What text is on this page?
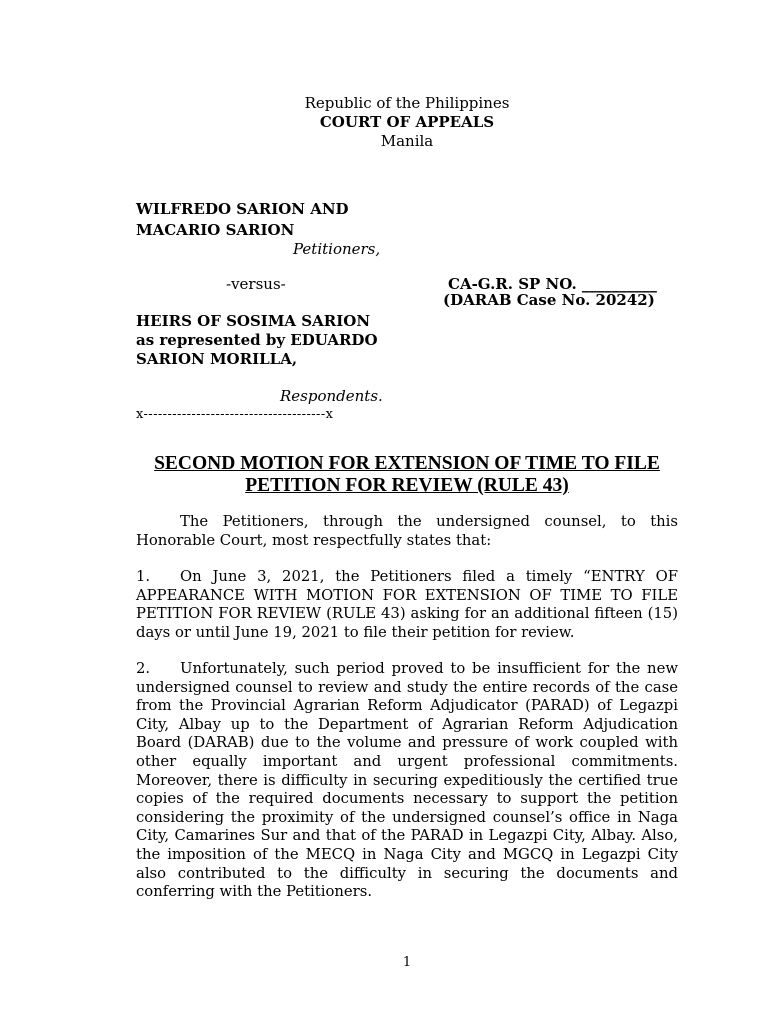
Republic of the Philippines
COURT OF APPEALS
Manila
WILFREDO SARION AND
MACARIO SARION
Petitioners,
-versus-	CA-G.R. SP NO. __________
(DARAB Case No. 20242)
HEIRS OF SOSIMA SARION
as represented by EDUARDO
SARION MORILLA,
Respondents.
x--------------------------------------x
SECOND MOTION FOR EXTENSION OF TIME TO FILE
PETITION FOR REVIEW (RULE 43)
The Petitioners, through the undersigned counsel, to this Honorable Court, most respectfully states that:
1. On June 3, 2021, the Petitioners filed a timely “ENTRY OF APPEARANCE WITH MOTION FOR EXTENSION OF TIME TO FILE PETITION FOR REVIEW (RULE 43) asking for an additional fifteen (15) days or until June 19, 2021 to file their petition for review.
2. Unfortunately, such period proved to be insufficient for the new undersigned counsel to review and study the entire records of the case from the Provincial Agrarian Reform Adjudicator (PARAD) of Legazpi City, Albay up to the Department of Agrarian Reform Adjudication Board (DARAB) due to the volume and pressure of work coupled with other equally important and urgent professional commitments. Moreover, there is difficulty in securing expeditiously the certified true copies of the required documents necessary to support the petition considering the proximity of the undersigned counsel’s office in Naga City, Camarines Sur and that of the PARAD in Legazpi City, Albay. Also, the imposition of the MECQ in Naga City and MGCQ in Legazpi City also contributed to the difficulty in securing the documents and conferring with the Petitioners.
1
